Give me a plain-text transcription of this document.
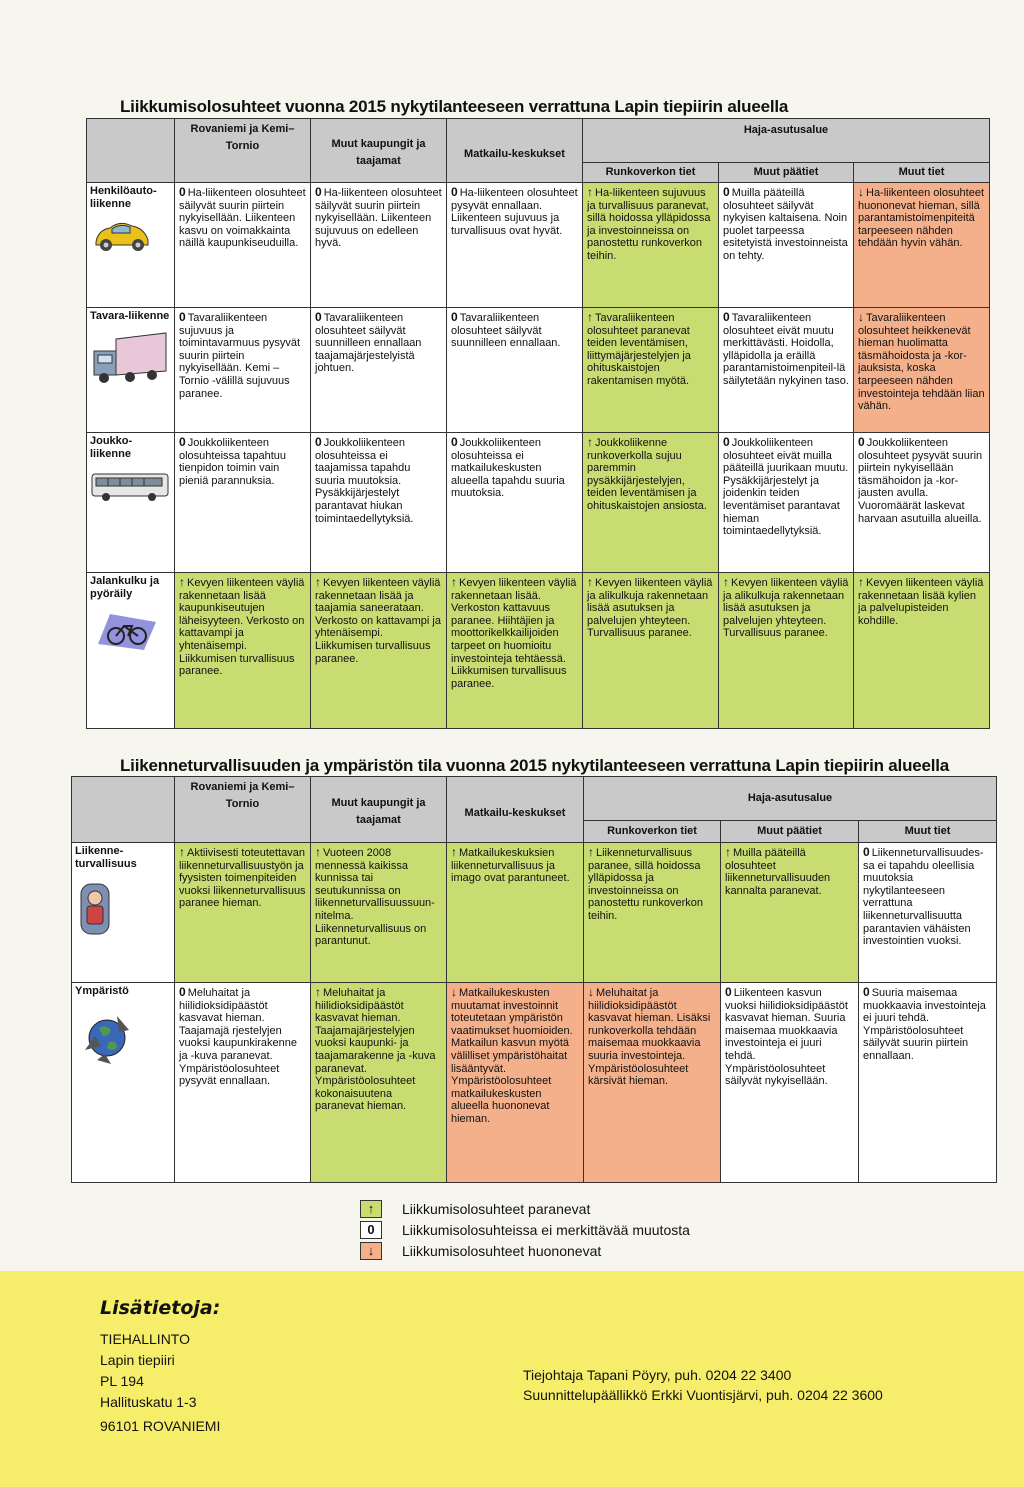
Liikkumisolosuhteet vuonna 2015 nykytilanteeseen verrattuna Lapin tiepiirin alueella
	Rovaniemi ja Kemi–Tornio	Muut kaupungit ja taajamat	Matkailu-keskukset	Haja-asutusalue		
				Runkoverkon tiet	Muut päätiet	Muut tiet

Henkilöauto-liikenne	0 Ha-liikenteen olosuhteet säilyvät suurin piirtein nykyisellään. Liikenteen kasvu on voimakkainta näillä kaupunkiseuduilla.	0 Ha-liikenteen olosuhteet säilyvät suurin piirtein nykyisellään. Liikenteen sujuvuus on edelleen hyvä.	0 Ha-liikenteen olosuhteet pysyvät ennallaan. Liikenteen sujuvuus ja turvallisuus ovat hyvät.	↑ Ha-liikenteen sujuvuus ja turvallisuus paranevat, sillä hoidossa ylläpidossa ja investoinneissa on panostettu runkoverkon teihin.	0 Muilla pääteillä olosuhteet säilyvät nykyisen kaltaisena. Noin puolet tarpeessa esitetyistä investoinneista on tehty.	↓ Ha-liikenteen olosuhteet huononevat hieman, sillä parantamistoimenpiteitä tarpeeseen nähden tehdään hyvin vähän.

Tavara-liikenne	0 Tavaraliikenteen sujuvuus ja toimintavarmuus pysyvät suurin piirtein nykyisellään. Kemi – Tornio -välillä sujuvuus paranee.	0 Tavaraliikenteen olosuhteet säilyvät suunnilleen ennallaan taajamajärjestelyistä johtuen.	0 Tavaraliikenteen olosuhteet säilyvät suunnilleen ennallaan.	↑ Tavaraliikenteen olosuhteet paranevat teiden leventämisen, liittymäjärjestelyjen ja ohituskaistojen rakentamisen myötä.	0 Tavaraliikenteen olosuhteet eivät muutu merkittävästi. Hoidolla, ylläpidolla ja eräillä parantamistoimenpiteil-lä säilytetään nykyinen taso.	↓ Tavaraliikenteen olosuhteet heikkenevät hieman huolimatta täsmähoidosta ja -kor-jauksista, koska tarpeeseen nähden investointeja tehdään liian vähän.

Joukko-liikenne	0 Joukkoliikenteen olosuhteissa tapahtuu tienpidon toimin vain pieniä parannuksia.	0 Joukkoliikenteen olosuhteissa ei taajamissa tapahdu suuria muutoksia. Pysäkkijärjestelyt parantavat hiukan toimintaedellytyksiä.	0 Joukkoliikenteen olosuhteissa ei matkailukeskusten alueella tapahdu suuria muutoksia.	↑ Joukkoliikenne runkoverkolla sujuu paremmin pysäkkijärjestelyjen, teiden leventämisen ja ohituskaistojen ansiosta.	0 Joukkoliikenteen olosuhteet eivät muilla pääteillä juurikaan muutu. Pysäkkijärjestelyt ja joidenkin teiden leventämiset parantavat hieman toimintaedellytyksiä.	0 Joukkoliikenteen olosuhteet pysyvät suurin piirtein nykyisellään täsmähoidon ja -kor-jausten avulla. Vuoromäärät laskevat harvaan asutuilla alueilla.

Jalankulku ja pyöräily	↑ Kevyen liikenteen väyliä rakennetaan lisää kaupunkiseutujen läheisyyteen. Verkosto on kattavampi ja yhtenäisempi. Liikkumisen turvallisuus paranee.	↑ Kevyen liikenteen väyliä rakennetaan lisää ja taajamia saneerataan. Verkosto on kattavampi ja yhtenäisempi. Liikkumisen turvallisuus paranee.	↑ Kevyen liikenteen väyliä rakennetaan lisää. Verkoston kattavuus paranee. Hiihtäjien ja moottorikelkkailijoiden tarpeet on huomioitu investointeja tehtäessä. Liikkumisen turvallisuus paranee.	↑ Kevyen liikenteen väyliä ja alikulkuja rakennetaan lisää asutuksen ja palvelujen yhteyteen. Turvallisuus paranee.	↑ Kevyen liikenteen väyliä ja alikulkuja rakennetaan lisää asutuksen ja palvelujen yhteyteen. Turvallisuus paranee.	↑ Kevyen liikenteen väyliä rakennetaan lisää kylien ja palvelupisteiden kohdille.
Liikenneturvallisuuden ja ympäristön tila vuonna 2015 nykytilanteeseen verrattuna Lapin tiepiirin alueella
	Rovaniemi ja Kemi–Tornio	Muut kaupungit ja taajamat	Matkailu-keskukset	Haja-asutusalue		
				Runkoverkon tiet	Muut päätiet	Muut tiet

Liikenne-turvallisuus	↑ Aktiivisesti toteutettavan liikenneturvallisuustyön ja fyysisten toimenpiteiden vuoksi liikenneturvallisuus paranee hieman.	↑ Vuoteen 2008 mennessä kaikissa kunnissa tai seutukunnissa on liikenneturvallisuussuun-nitelma. Liikenneturvallisuus on parantunut.	↑ Matkailukeskuksien liikenneturvallisuus ja imago ovat parantuneet.	↑ Liikenneturvallisuus paranee, sillä hoidossa ylläpidossa ja investoinneissa on panostettu runkoverkon teihin.	↑ Muilla pääteillä olosuhteet liikenneturvallisuuden kannalta paranevat.	0 Liikenneturvallisuudes-sa ei tapahdu oleellisia muutoksia nykytilanteeseen verrattuna liikenneturvallisuutta parantavien vähäisten investointien vuoksi.

Ympäristö	0 Meluhaitat ja hiilidioksidipäästöt kasvavat hieman. Taajamajä rjestelyjen vuoksi kaupunkirakenne ja -kuva paranevat. Ympäristöolosuhteet pysyvät ennallaan.	↑ Meluhaitat ja hiilidioksidipäästöt kasvavat hieman. Taajamajärjestelyjen vuoksi kaupunki- ja taajamarakenne ja -kuva paranevat. Ympäristöolosuhteet kokonaisuutena paranevat hieman.	↓ Matkailukeskusten muutamat investoinnit toteutetaan ympäristön vaatimukset huomioiden. Matkailun kasvun myötä välilliset ympäristöhaitat lisääntyvät. Ympäristöolosuhteet matkailukeskusten alueella huononevat hieman.	↓ Meluhaitat ja hiilidioksidipäästöt kasvavat hieman. Lisäksi runkoverkolla tehdään maisemaa muokkaavia suuria investointeja. Ympäristöolosuhteet kärsivät hieman.	0 Liikenteen kasvun vuoksi hiilidioksidipäästöt kasvavat hieman. Suuria maisemaa muokkaavia investointeja ei juuri tehdä. Ympäristöolosuhteet säilyvät nykyisellään.	0 Suuria maisemaa muokkaavia investointeja ei juuri tehdä. Ympäristöolosuhteet säilyvät suurin piirtein ennallaan.
↑	Liikkumisolosuhteet paranevat
0	Liikkumisolosuhteissa ei merkittävää muutosta
↓	Liikkumisolosuhteet huononevat
Lisätietoja:
TIEHALLINTO
Lapin tiepiiri
PL 194
Hallituskatu 1-3
96101 ROVANIEMI
Tiejohtaja Tapani Pöyry, puh. 0204 22 3400
Suunnittelupäällikkö Erkki Vuontisjärvi, puh. 0204 22 3600
